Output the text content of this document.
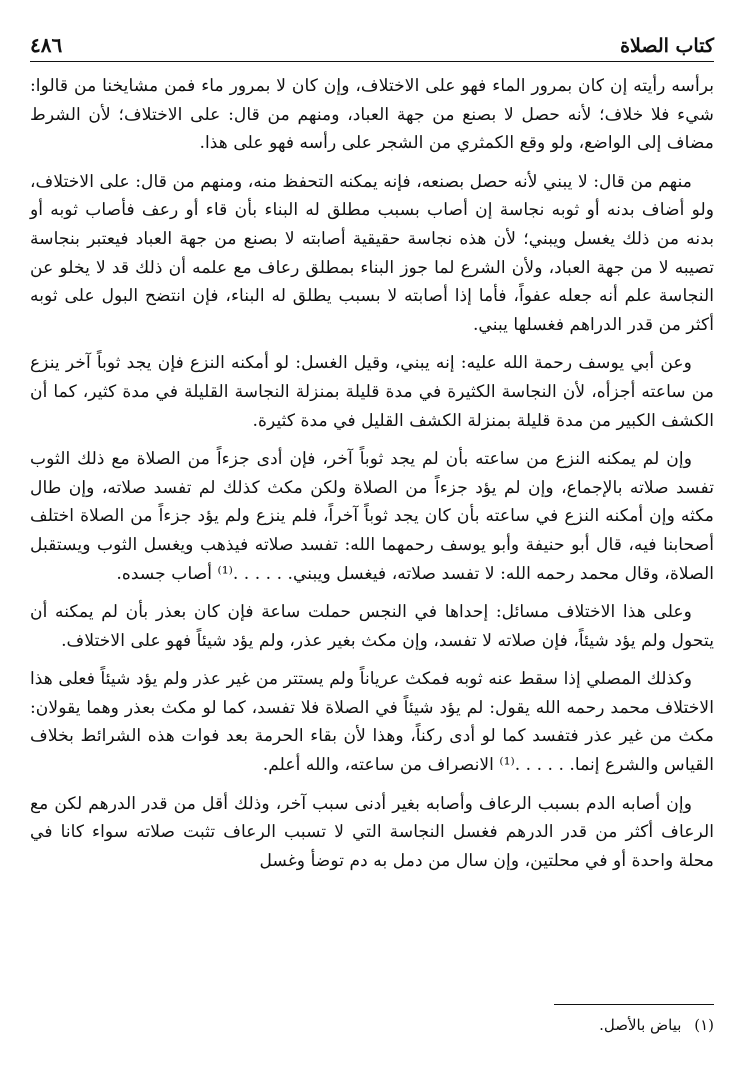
كتاب الصلاة
٤٨٦

برأسه رأيته إن كان بمرور الماء فهو على الاختلاف، وإن كان لا بمرور ماء فمن مشايخنا من قالوا: شيء فلا خلاف؛ لأنه حصل لا بصنع من جهة العباد، ومنهم من قال: على الاختلاف؛ لأن الشرط مضاف إلى الواضع، ولو وقع الكمثري من الشجر على رأسه فهو على هذا.

منهم من قال: لا يبني لأنه حصل بصنعه، فإنه يمكنه التحفظ منه، ومنهم من قال: على الاختلاف، ولو أضاف بدنه أو ثوبه نجاسة إن أصاب بسبب مطلق له البناء بأن قاء أو رعف فأصاب ثوبه أو بدنه من ذلك يغسل ويبني؛ لأن هذه نجاسة حقيقية أصابته لا بصنع من جهة العباد فيعتبر بنجاسة تصيبه لا من جهة العباد، ولأن الشرع لما جوز البناء بمطلق رعاف مع علمه أن ذلك قد لا يخلو عن النجاسة علم أنه جعله عفواً، فأما إذا أصابته لا بسبب يطلق له البناء، فإن انتضح البول على ثوبه أكثر من قدر الدراهم فغسلها يبني.

وعن أبي يوسف رحمة الله عليه: إنه يبني، وقيل الغسل: لو أمكنه النزع فإن يجد ثوباً آخر ينزع من ساعته أجزأه، لأن النجاسة الكثيرة في مدة قليلة بمنزلة النجاسة القليلة في مدة كثير، كما أن الكشف الكبير من مدة قليلة بمنزلة الكشف القليل في مدة كثيرة.

وإن لم يمكنه النزع من ساعته بأن لم يجد ثوباً آخر، فإن أدى جزءاً من الصلاة مع ذلك الثوب تفسد صلاته بالإجماع، وإن لم يؤد جزءاً من الصلاة ولكن مكث كذلك لم تفسد صلاته، وإن طال مكثه وإن أمكنه النزع في ساعته بأن كان يجد ثوباً آخراً، فلم ينزع ولم يؤد جزءاً من الصلاة اختلف أصحابنا فيه، قال أبو حنيفة وأبو يوسف رحمهما الله: تفسد صلاته فيذهب ويغسل الثوب ويستقبل الصلاة، وقال محمد رحمه الله: لا تفسد صلاته، فيغسل ويبني. . . . . .⁽¹⁾ أصاب جسده.

وعلى هذا الاختلاف مسائل: إحداها في النجس حملت ساعة فإن كان بعذر بأن لم يمكنه أن يتحول ولم يؤد شيئاً، فإن صلاته لا تفسد، وإن مكث بغير عذر، ولم يؤد شيئاً فهو على الاختلاف.

وكذلك المصلي إذا سقط عنه ثوبه فمكث عرياناً ولم يستتر من غير عذر ولم يؤد شيئاً فعلى هذا الاختلاف محمد رحمه الله يقول: لم يؤد شيئاً في الصلاة فلا تفسد، كما لو مكث بعذر وهما يقولان: مكث من غير عذر فتفسد كما لو أدى ركناً، وهذا لأن بقاء الحرمة بعد فوات هذه الشرائط بخلاف القياس والشرع إنما. . . . . .⁽¹⁾ الانصراف من ساعته، والله أعلم.

وإن أصابه الدم بسبب الرعاف وأصابه بغير أدنى سبب آخر، وذلك أقل من قدر الدرهم لكن مع الرعاف أكثر من قدر الدرهم فغسل النجاسة التي لا تسبب الرعاف تثبت صلاته سواء كانا في محلة واحدة أو في محلتين، وإن سال من دمل به دم توضأ وغسل

(١) بياض بالأصل.
